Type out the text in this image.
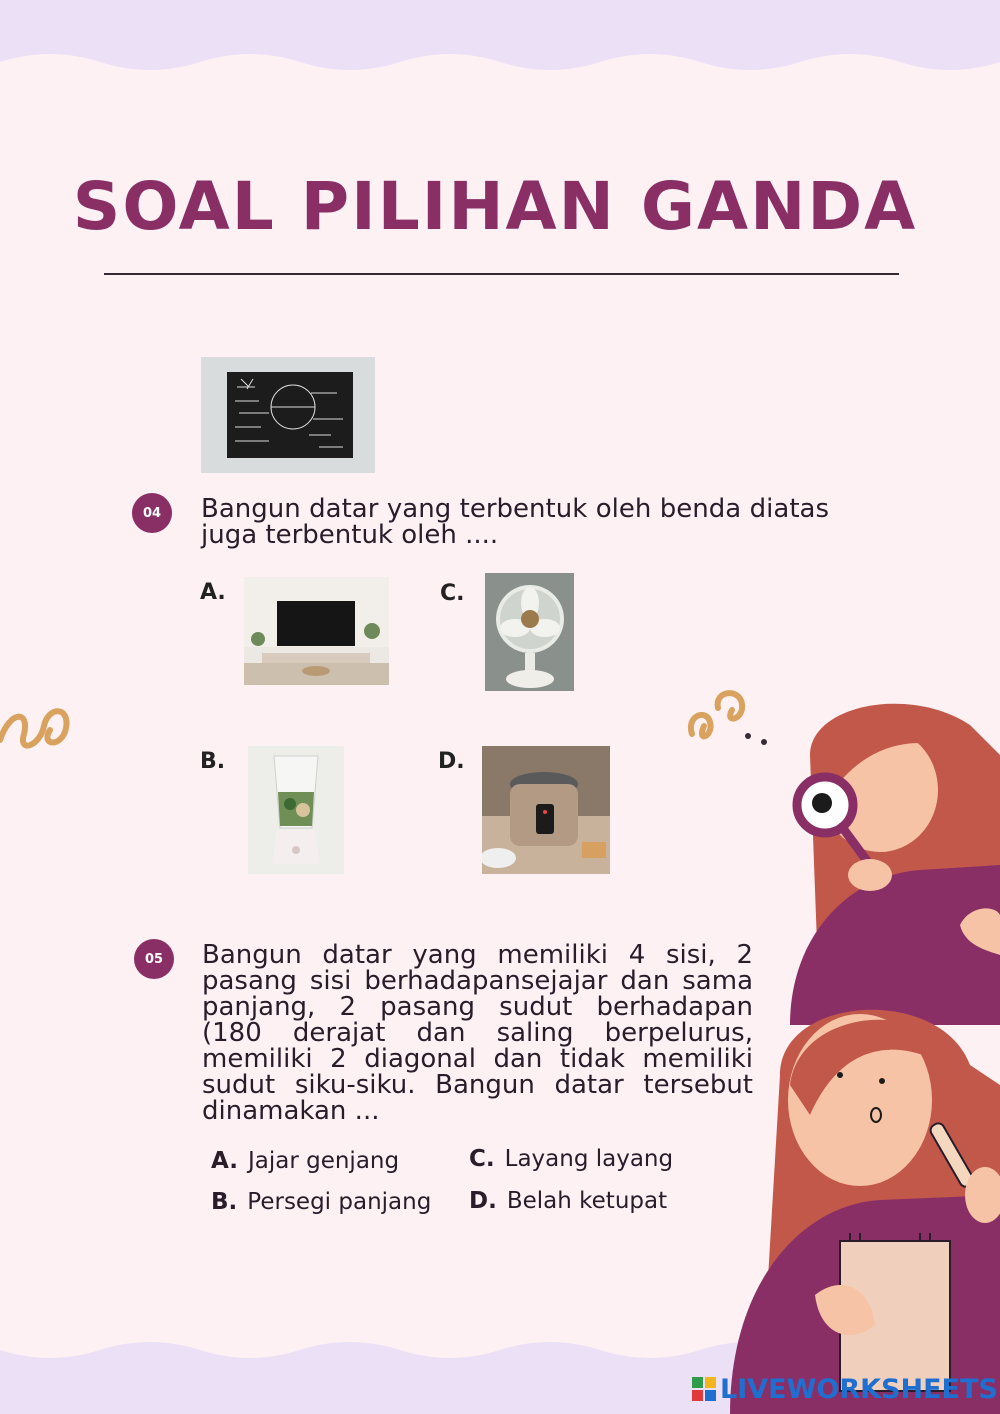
SOAL PILIHAN GANDA
04	Bangun datar yang terbentuk oleh benda diatas juga terbentuk oleh ....
A.	C.
B.	D.
05	Bangun datar yang memiliki 4 sisi, 2 pasang sisi berhadapansejajar dan sama panjang, 2 pasang sudut berhadapan (180 derajat dan saling berpelurus, memiliki 2 diagonal dan tidak memiliki sudut siku-siku. Bangun datar tersebut dinamakan ...
A. Jajar genjang	C. Layang layang
B. Persegi panjang D. Belah ketupat
LIVEWORKSHEETS
